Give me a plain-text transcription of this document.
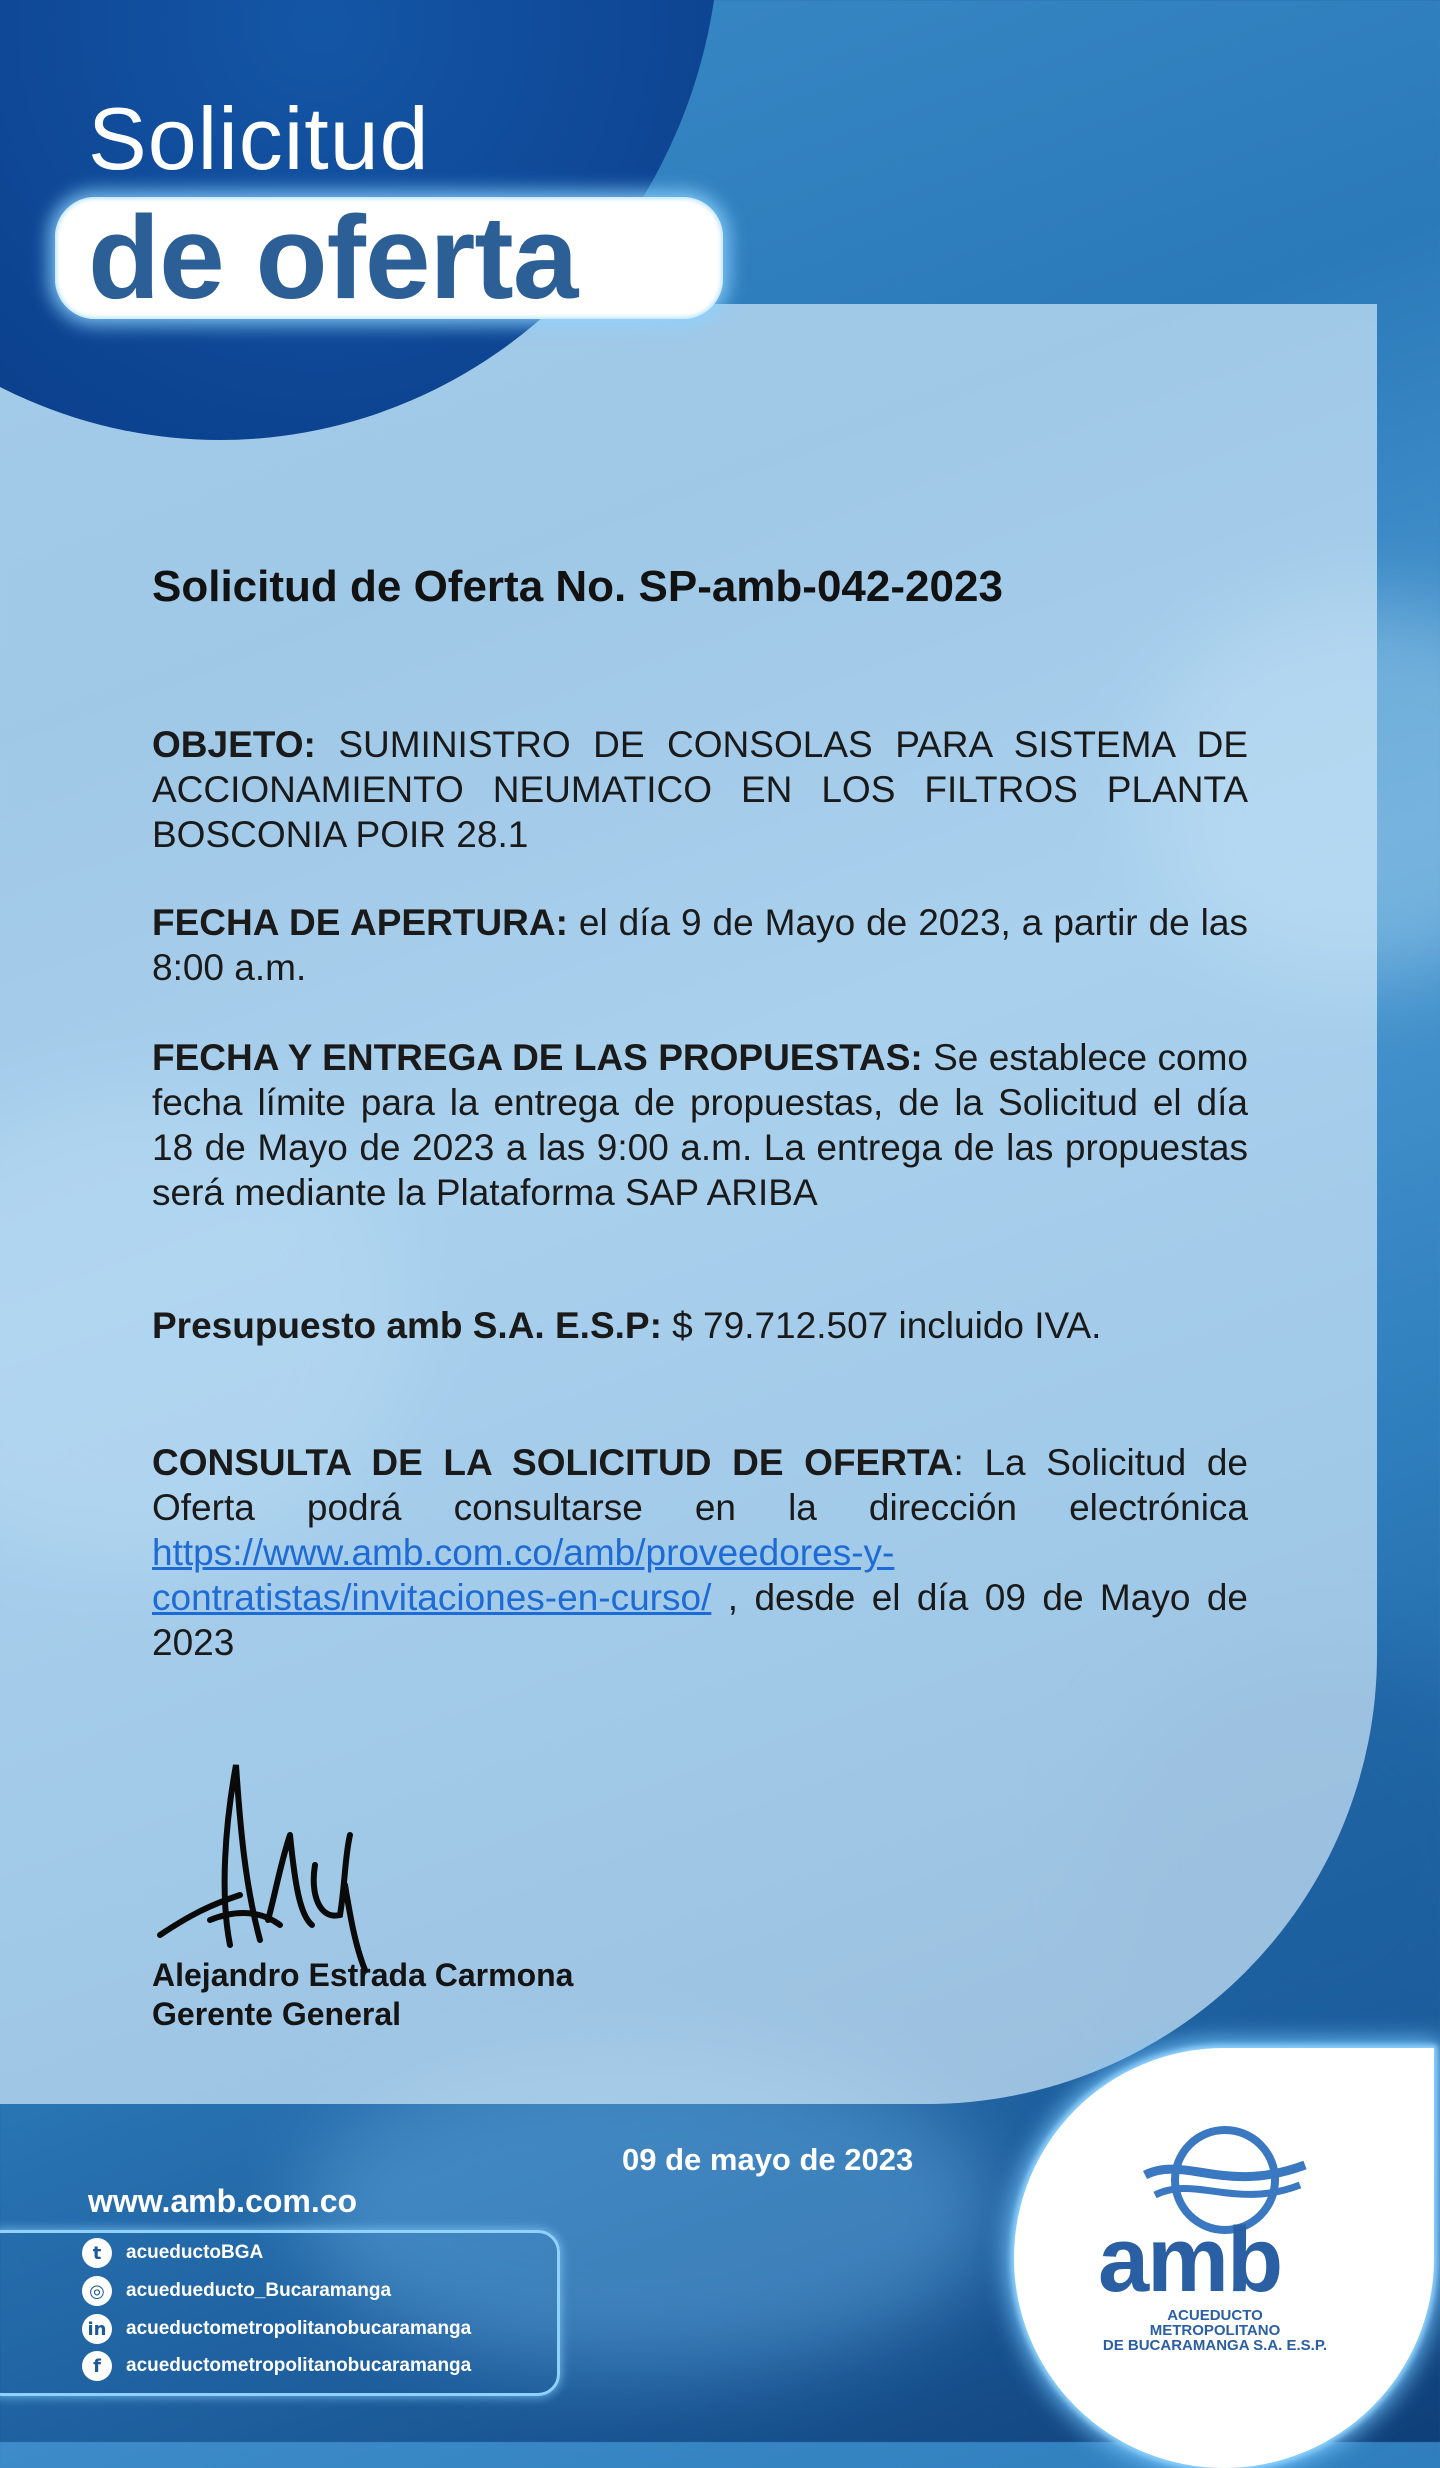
Solicitud
de oferta
Solicitud de Oferta No. SP-amb-042-2023
OBJETO: SUMINISTRO DE CONSOLAS PARA SISTEMA DE ACCIONAMIENTO NEUMATICO EN LOS FILTROS PLANTA BOSCONIA POIR 28.1
FECHA DE APERTURA: el día 9 de Mayo de 2023, a partir de las 8:00 a.m.
FECHA Y ENTREGA DE LAS PROPUESTAS: Se establece como fecha límite para la entrega de propuestas, de la Solicitud el día 18 de Mayo de 2023 a las 9:00 a.m. La entrega de las propuestas será mediante la Plataforma SAP ARIBA
Presupuesto amb S.A. E.S.P: $ 79.712.507 incluido IVA.
CONSULTA DE LA SOLICITUD DE OFERTA: La Solicitud de Oferta podrá consultarse en la dirección electrónica https://www.amb.com.co/amb/proveedores-y-contratistas/invitaciones-en-curso/ , desde el día 09 de Mayo de 2023
Alejandro Estrada Carmona
Gerente General
09 de mayo de 2023
www.amb.com.co
t	acueductoBGA
◎	acuedueducto_Bucaramanga
in acueductometropolitanobucaramanga
f	acueductometropolitanobucaramanga
amb
ACUEDUCTO METROPOLITANO
DE BUCARAMANGA S.A. E.S.P.
